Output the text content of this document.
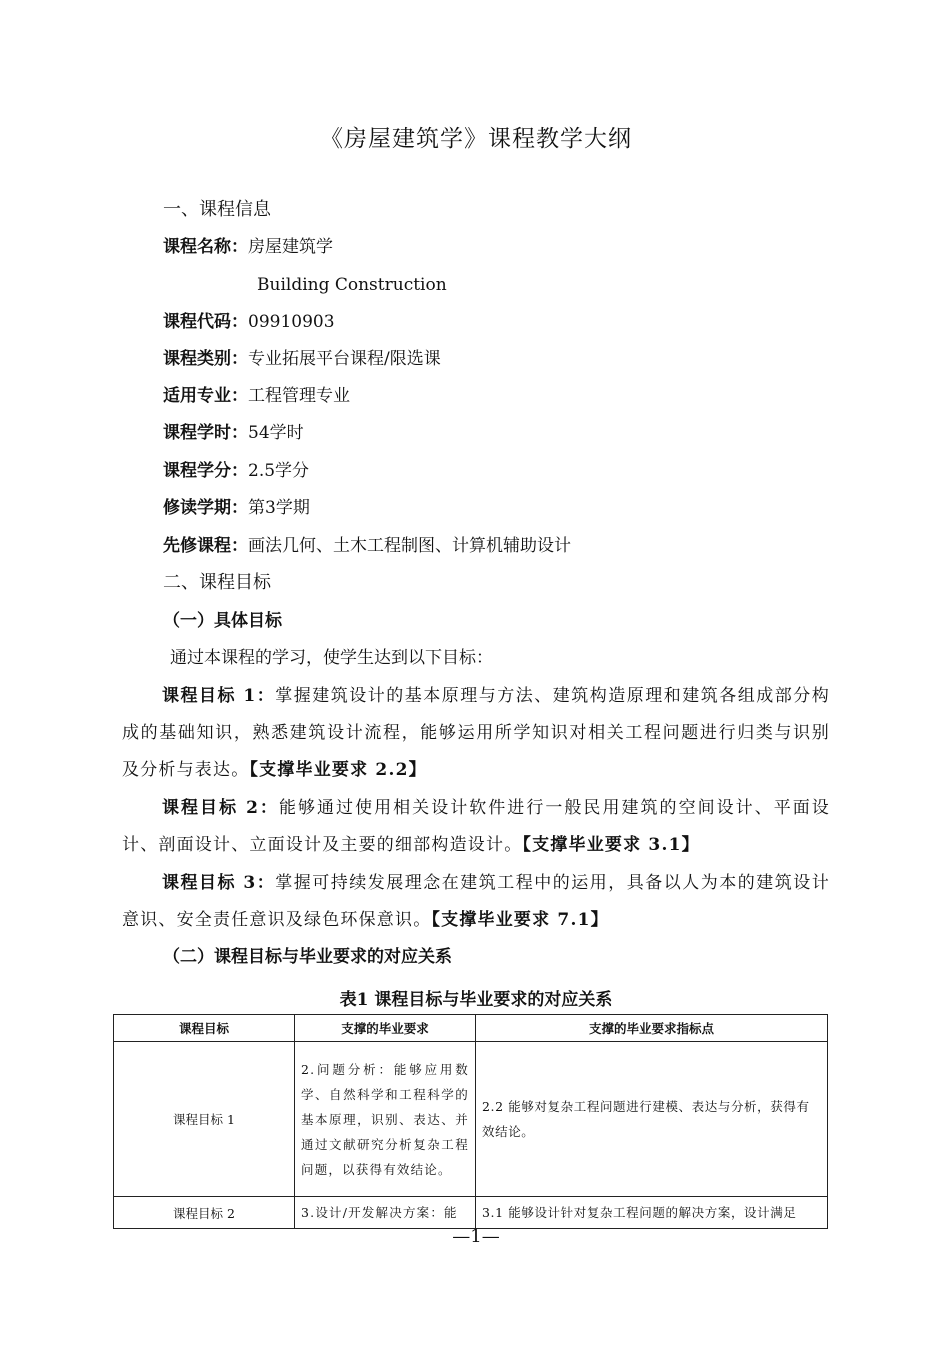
《房屋建筑学》课程教学大纲
一、课程信息
课程名称：房屋建筑学
Building Construction
课程代码：09910903
课程类别：专业拓展平台课程/限选课
适用专业：工程管理专业
课程学时：54学时
课程学分：2.5学分
修读学期：第3学期
先修课程：画法几何、土木工程制图、计算机辅助设计
二、课程目标
（一）具体目标
通过本课程的学习，使学生达到以下目标：
课程目标 1：掌握建筑设计的基本原理与方法、建筑构造原理和建筑各组成部分构成的基础知识，熟悉建筑设计流程，能够运用所学知识对相关工程问题进行归类与识别及分析与表达。【支撑毕业要求 2.2】
课程目标 2：能够通过使用相关设计软件进行一般民用建筑的空间设计、平面设计、剖面设计、立面设计及主要的细部构造设计。【支撑毕业要求 3.1】
课程目标 3：掌握可持续发展理念在建筑工程中的运用，具备以人为本的建筑设计意识、安全责任意识及绿色环保意识。【支撑毕业要求 7.1】
（二）课程目标与毕业要求的对应关系
表1 课程目标与毕业要求的对应关系
课程目标	支撑的毕业要求	支撑的毕业要求指标点
课程目标 1	2.问题分析：能够应用数学、自然科学和工程科学的基本原理，识别、表达、并通过文献研究分析复杂工程问题，以获得有效结论。	2.2 能够对复杂工程问题进行建模、表达与分析，获得有效结论。
课程目标 2	3.设计/开发解决方案：能	3.1 能够设计针对复杂工程问题的解决方案，设计满足
—1—
